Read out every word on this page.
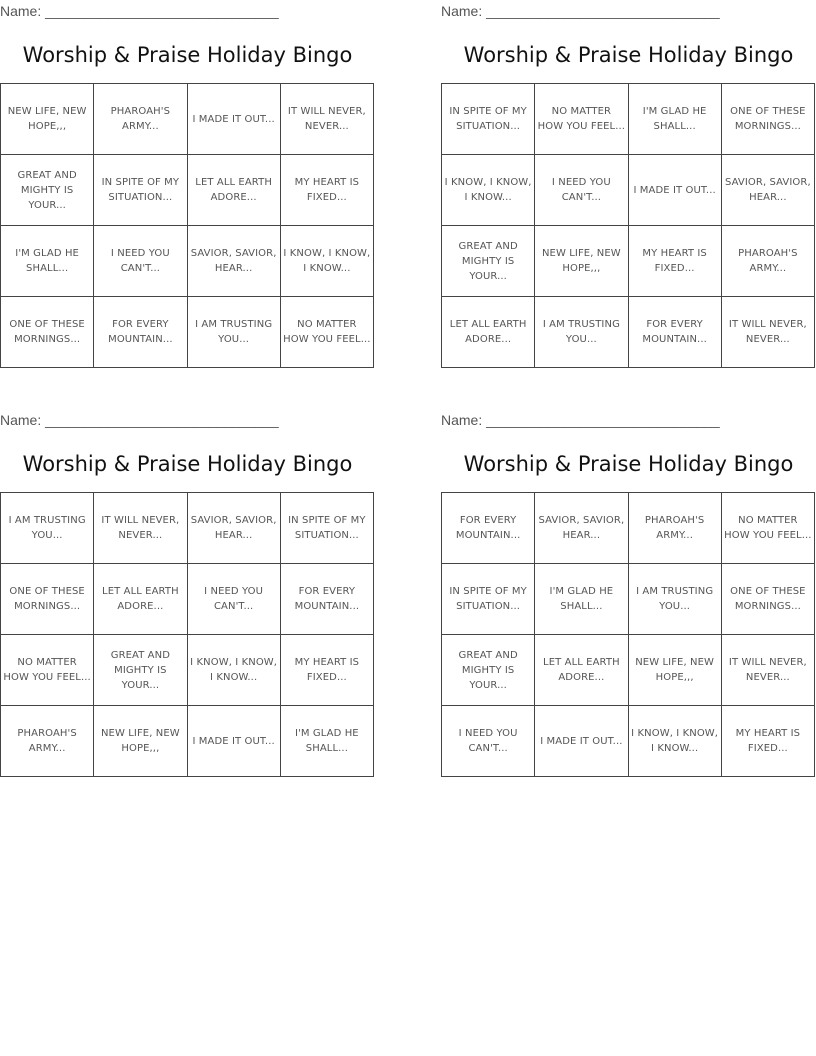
Name: ______________________________
Worship & Praise Holiday Bingo
NEW LIFE, NEW HOPE,,,	PHAROAH'S ARMY...	I MADE IT OUT...	IT WILL NEVER, NEVER...
GREAT AND MIGHTY IS YOUR...	IN SPITE OF MY SITUATION...	LET ALL EARTH ADORE...	MY HEART IS FIXED...
I'M GLAD HE SHALL...	I NEED YOU CAN'T...	SAVIOR, SAVIOR, HEAR...	I KNOW, I KNOW, I KNOW...
ONE OF THESE MORNINGS...	FOR EVERY MOUNTAIN...	I AM TRUSTING YOU...	NO MATTER HOW YOU FEEL...
Name: ______________________________
Worship & Praise Holiday Bingo
IN SPITE OF MY SITUATION...	NO MATTER HOW YOU FEEL...	I'M GLAD HE SHALL...	ONE OF THESE MORNINGS...
I KNOW, I KNOW, I KNOW...	I NEED YOU CAN'T...	I MADE IT OUT...	SAVIOR, SAVIOR, HEAR...
GREAT AND MIGHTY IS YOUR...	NEW LIFE, NEW HOPE,,,	MY HEART IS FIXED...	PHAROAH'S ARMY...
LET ALL EARTH ADORE...	I AM TRUSTING YOU...	FOR EVERY MOUNTAIN...	IT WILL NEVER, NEVER...
Name: ______________________________
Worship & Praise Holiday Bingo
I AM TRUSTING YOU...	IT WILL NEVER, NEVER...	SAVIOR, SAVIOR, HEAR...	IN SPITE OF MY SITUATION...
ONE OF THESE MORNINGS...	LET ALL EARTH ADORE...	I NEED YOU CAN'T...	FOR EVERY MOUNTAIN...
NO MATTER HOW YOU FEEL...	GREAT AND MIGHTY IS YOUR...	I KNOW, I KNOW, I KNOW...	MY HEART IS FIXED...
PHAROAH'S ARMY...	NEW LIFE, NEW HOPE,,,	I MADE IT OUT...	I'M GLAD HE SHALL...
Name: ______________________________
Worship & Praise Holiday Bingo
FOR EVERY MOUNTAIN...	SAVIOR, SAVIOR, HEAR...	PHAROAH'S ARMY...	NO MATTER HOW YOU FEEL...
IN SPITE OF MY SITUATION...	I'M GLAD HE SHALL...	I AM TRUSTING YOU...	ONE OF THESE MORNINGS...
GREAT AND MIGHTY IS YOUR...	LET ALL EARTH ADORE...	NEW LIFE, NEW HOPE,,,	IT WILL NEVER, NEVER...
I NEED YOU CAN'T...	I MADE IT OUT...	I KNOW, I KNOW, I KNOW...	MY HEART IS FIXED...
